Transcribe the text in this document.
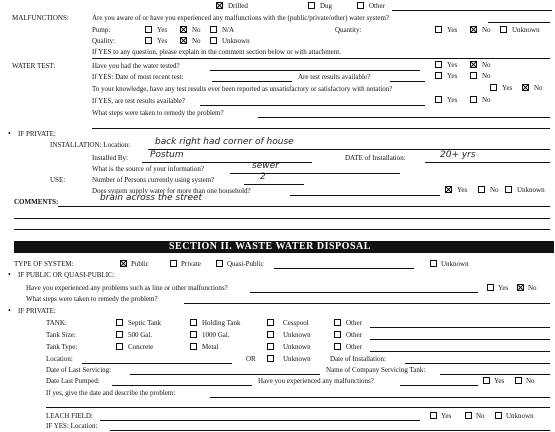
Drilled	Dug	Other
MALFUNCTIONS:	Are you aware of or have you experienced any malfunctions with the (public/private/other) water system?
Pump:	Yes	No	N/A	Quantity:	Yes	No	Unknown
Quality:	Yes	No	Unknown
If YES to any question, please explain in the comment section below or with attachment.
WATER TEST:	Have you had the water tested?	Yes	No
If YES: Date of most recent test:	Are test results available?	Yes	No
To your knowledge, have any test results ever been reported as unsatisfactory or satisfactory with notation?	Yes	No
If YES, are test results available?	Yes	No
What steps were taken to remedy the problem?
• IF PRIVATE:
INSTALLATION: Location:	back right had corner of house
Installed By: Postum	DATE of Installation:	20+ yrs
What is the source of your information?	sewer
USE:	Number of Persons currently using system?	2
Does system supply water for more than one household?	Yes	No	Unknown
COMMENTS:	brain across the street
SECTION II. WASTE WATER DISPOSAL
TYPE OF SYSTEM:	Public	Private	Quasi-Public	Unknown
• IF PUBLIC OR QUASI-PUBLIC:
Have you experienced any problems such as line or other malfunctions?	Yes	No
What steps were taken to remedy the problem?
• IF PRIVATE:
TANK:	Septic Tank	Holding Tank	Cesspool	Other
Tank Size:	500 Gal.	1000 Gal.	Unknown	Other
Tank Type:	Concrete	Metal	Unknown	Other
Location:	OR	Unknown	Date of Installation:
Date of Last Servicing:	Name of Company Servicing Tank:
Date Last Pumped:	Have you experienced any malfunctions?	Yes	No
If yes, give the date and describe the problem:
LEACH FIELD:	Yes	No	Unknown
IF YES: Location:
